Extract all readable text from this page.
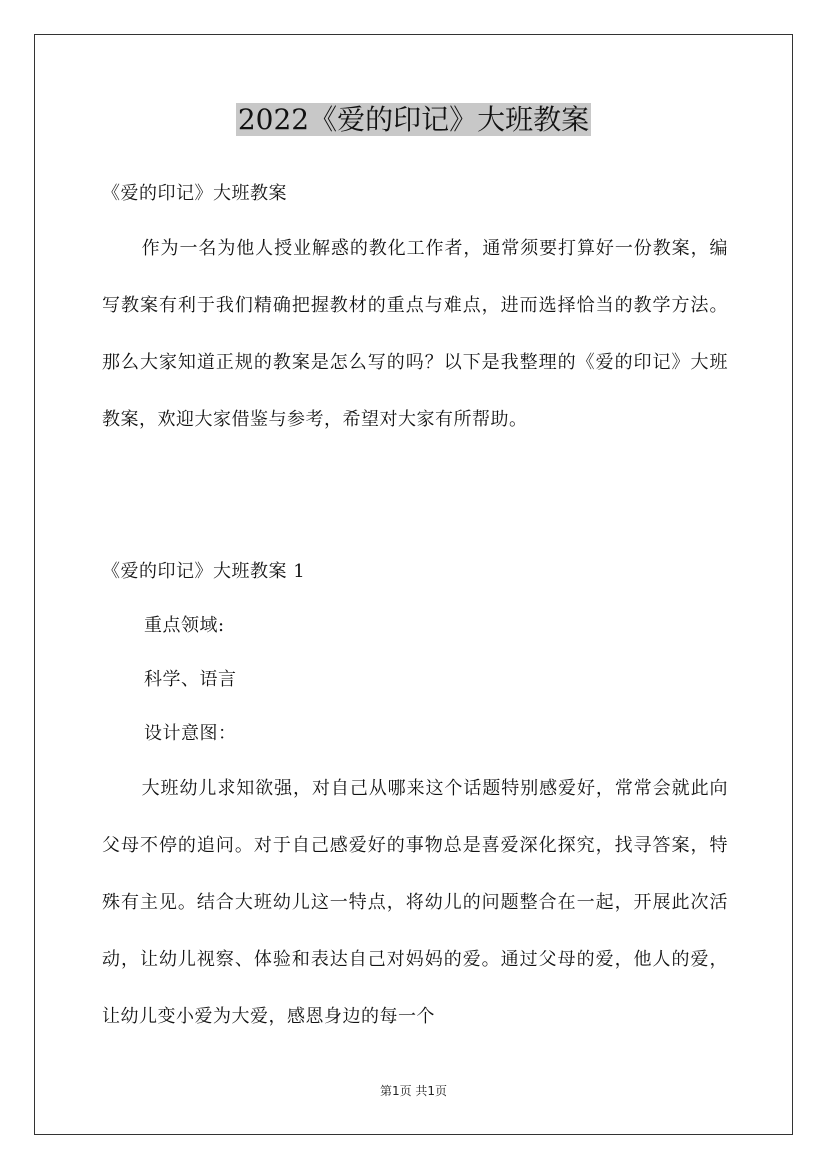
2022《爱的印记》大班教案
《爱的印记》大班教案
作为一名为他人授业解惑的教化工作者，通常须要打算好一份教案，编写教案有利于我们精确把握教材的重点与难点，进而选择恰当的教学方法。那么大家知道正规的教案是怎么写的吗？以下是我整理的《爱的印记》大班教案，欢迎大家借鉴与参考，希望对大家有所帮助。
《爱的印记》大班教案 1
重点领域:
科学、语言
设计意图：
大班幼儿求知欲强，对自己从哪来这个话题特别感爱好，常常会就此向父母不停的追问。对于自己感爱好的事物总是喜爱深化探究，找寻答案，特殊有主见。结合大班幼儿这一特点，将幼儿的问题整合在一起，开展此次活动，让幼儿视察、体验和表达自己对妈妈的爱。通过父母的爱，他人的爱，让幼儿变小爱为大爱，感恩身边的每一个
第1页 共1页
